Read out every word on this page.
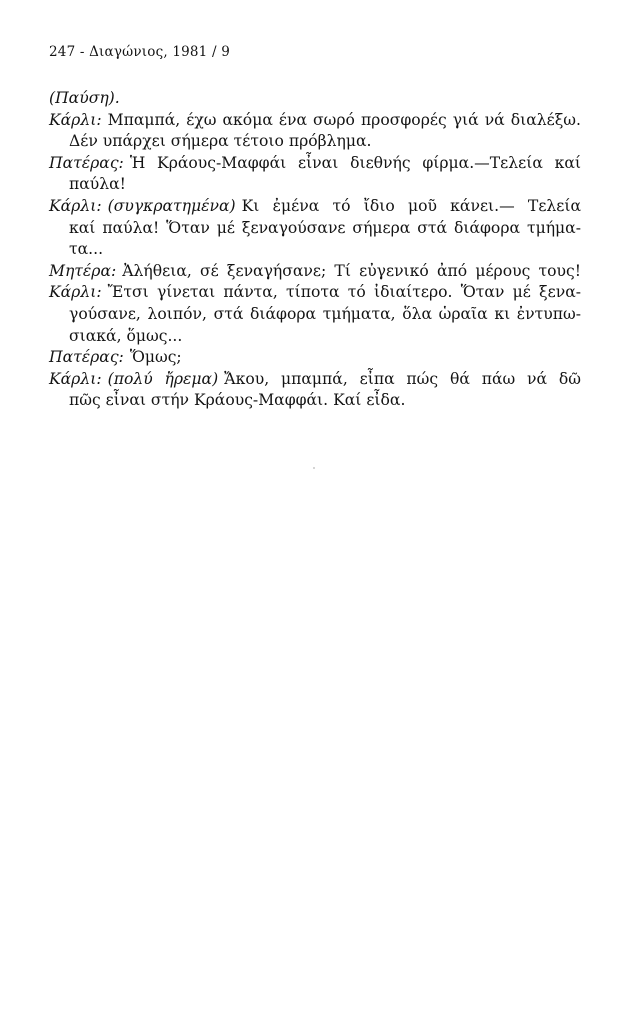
247 - Διαγώνιος, 1981 / 9
(Παύση).
Κάρλι: Μπαμπά, έχω ακόμα ένα σωρό προσφορές γιά νά διαλέξω.
Δέν υπάρχει σήμερα τέτοιο πρόβλημα.
Πατέρας: Ἡ Κράους-Μαφφάι εἶναι διεθνής φίρμα.—Τελεία καί
παύλα!
Κάρλι: (συγκρατημένα) Κι ἐμένα τό ἴδιο μοῦ κάνει.— Τελεία
καί παύλα! Ὅταν μέ ξεναγούσανε σήμερα στά διάφορα τμήμα-
τα...
Μητέρα: Ἀλήθεια, σέ ξεναγήσανε; Τί εὐγενικό ἀπό μέρους τους!
Κάρλι: Ἔτσι γίνεται πάντα, τίποτα τό ἰδιαίτερο. Ὅταν μέ ξενα-
γούσανε, λοιπόν, στά διάφορα τμήματα, ὅλα ὡραῖα κι ἐντυπω-
σιακά, ὅμως...
Πατέρας: Ὅμως;
Κάρλι: (πολύ ἤρεμα) Ἄκου, μπαμπά, εἶπα πώς θά πάω νά δῶ
πῶς εἶναι στήν Κράους-Μαφφάι. Καί εἶδα.
